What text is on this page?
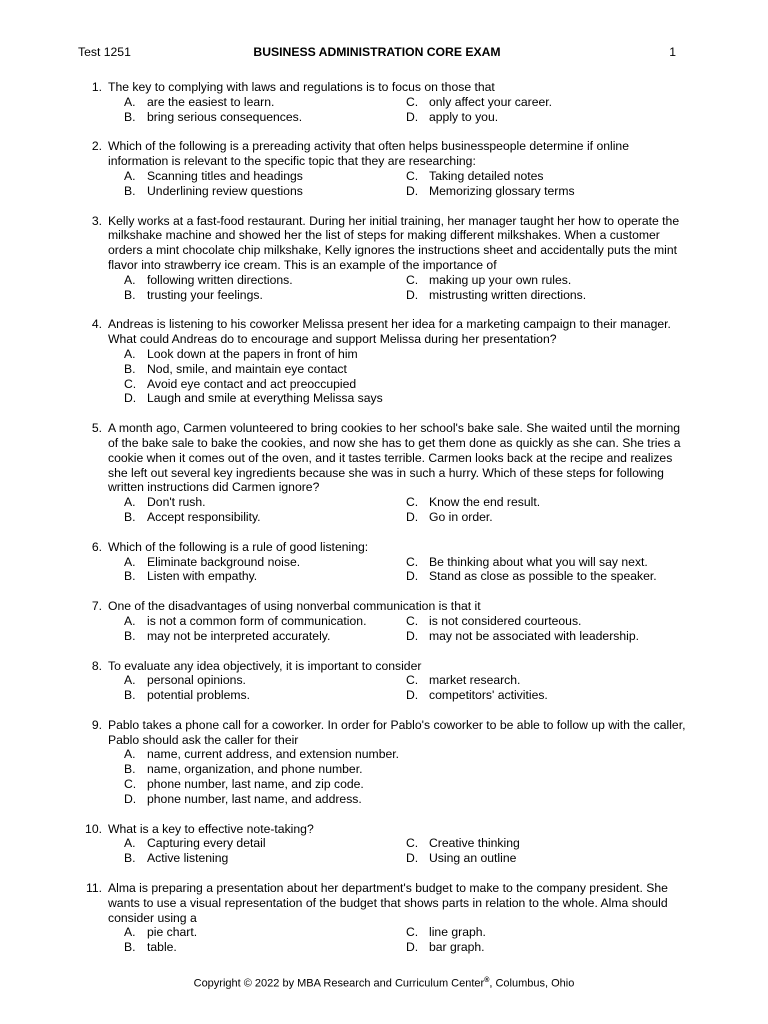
Test 1251	BUSINESS ADMINISTRATION CORE EXAM	1
1. The key to complying with laws and regulations is to focus on those that
A. are the easiest to learn.	C. only affect your career.
B. bring serious consequences.	D. apply to you.
2. Which of the following is a prereading activity that often helps businesspeople determine if online information is relevant to the specific topic that they are researching:
A. Scanning titles and headings	C. Taking detailed notes
B. Underlining review questions	D. Memorizing glossary terms
3. Kelly works at a fast-food restaurant. During her initial training, her manager taught her how to operate the milkshake machine and showed her the list of steps for making different milkshakes. When a customer orders a mint chocolate chip milkshake, Kelly ignores the instructions sheet and accidentally puts the mint flavor into strawberry ice cream. This is an example of the importance of
A. following written directions.	C. making up your own rules.
B. trusting your feelings.	D. mistrusting written directions.
4. Andreas is listening to his coworker Melissa present her idea for a marketing campaign to their manager. What could Andreas do to encourage and support Melissa during her presentation?
A. Look down at the papers in front of him
B. Nod, smile, and maintain eye contact
C. Avoid eye contact and act preoccupied
D. Laugh and smile at everything Melissa says
5. A month ago, Carmen volunteered to bring cookies to her school's bake sale. She waited until the morning of the bake sale to bake the cookies, and now she has to get them done as quickly as she can. She tries a cookie when it comes out of the oven, and it tastes terrible. Carmen looks back at the recipe and realizes she left out several key ingredients because she was in such a hurry. Which of these steps for following written instructions did Carmen ignore?
A. Don't rush.	C. Know the end result.
B. Accept responsibility.	D. Go in order.
6. Which of the following is a rule of good listening:
A. Eliminate background noise.	C. Be thinking about what you will say next.
B. Listen with empathy.	D. Stand as close as possible to the speaker.
7. One of the disadvantages of using nonverbal communication is that it
A. is not a common form of communication.	C. is not considered courteous.
B. may not be interpreted accurately.	D. may not be associated with leadership.
8. To evaluate any idea objectively, it is important to consider
A. personal opinions.	C. market research.
B. potential problems.	D. competitors' activities.
9. Pablo takes a phone call for a coworker. In order for Pablo's coworker to be able to follow up with the caller, Pablo should ask the caller for their
A. name, current address, and extension number.
B. name, organization, and phone number.
C. phone number, last name, and zip code.
D. phone number, last name, and address.
10. What is a key to effective note-taking?
A. Capturing every detail	C. Creative thinking
B. Active listening	D. Using an outline
11. Alma is preparing a presentation about her department's budget to make to the company president. She wants to use a visual representation of the budget that shows parts in relation to the whole. Alma should consider using a
A. pie chart.	C. line graph.
B. table.	D. bar graph.
Copyright © 2022 by MBA Research and Curriculum Center®, Columbus, Ohio
